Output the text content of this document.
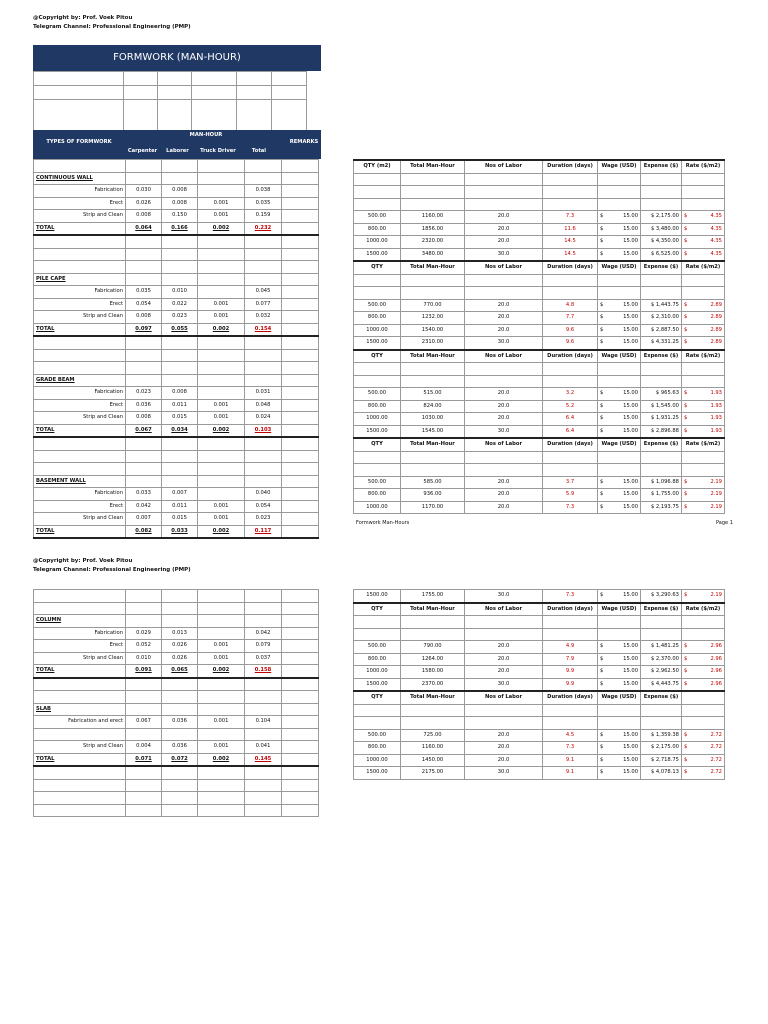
@Copyright by: Prof. Voek Pitou
Telegram Channel: Professional Engineering (PMP)
FORMWORK (MAN-HOUR)

TYPES OF FORMWORK
MAN-HOUR
REMARKS
Carpenter	Laborer	Truck Driver	Total

CONTINUOUS WALL					
Fabrication	0.030	0.008		0.038	
Erect	0.026	0.008	0.001	0.035	
Strip and Clean	0.008	0.150	0.001	0.159	
TOTAL	0.064	0.166	0.002	0.232	

PILE CAPE					
Fabrication	0.035	0.010		0.045	
Erect	0.054	0.022	0.001	0.077	
Strip and Clean	0.008	0.023	0.001	0.032	
TOTAL	0.097	0.055	0.002	0.154	

GRADE BEAM					
Fabrication	0.023	0.008		0.031	
Erect	0.036	0.011	0.001	0.048	
Strip and Clean	0.008	0.015	0.001	0.024	
TOTAL	0.067	0.034	0.002	0.103	

BASEMENT WALL					
Fabrication	0.033	0.007		0.040	
Erect	0.042	0.011	0.001	0.054	
Strip and Clean	0.007	0.015	0.001	0.023	
TOTAL	0.082	0.033	0.002	0.117	
QTY (m2)	Total Man-Hour	Nos of Labor	Duration (days)	Wage (USD)	Expense ($)	Rate ($/m2)

500.00	1160.00	20.0	7.3	$ 15.00	$ 2,175.00	$ 4.35

800.00	1856.00	20.0	11.6	$ 15.00	$ 3,480.00	$ 4.35

1000.00	2320.00	20.0	14.5	$ 15.00	$ 4,350.00	$ 4.35

1500.00	3480.00	30.0	14.5	$ 15.00	$ 6,525.00	$ 4.35

QTY	Total Man-Hour	Nos of Labor	Duration (days)	Wage (USD)	Expense ($)	Rate ($/m2)

500.00	770.00	20.0	4.8	$ 15.00	$ 1,443.75	$ 2.89

800.00	1232.00	20.0	7.7	$ 15.00	$ 2,310.00	$ 2.89

1000.00	1540.00	20.0	9.6	$ 15.00	$ 2,887.50	$ 2.89

1500.00	2310.00	30.0	9.6	$ 15.00	$ 4,331.25	$ 2.89

QTY	Total Man-Hour	Nos of Labor	Duration (days)	Wage (USD)	Expense ($)	Rate ($/m2)

500.00	515.00	20.0	3.2	$ 15.00	$ 965.63	$ 1.93

800.00	824.00	20.0	5.2	$ 15.00	$ 1,545.00	$ 1.93

1000.00	1030.00	20.0	6.4	$ 15.00	$ 1,931.25	$ 1.93

1500.00	1545.00	30.0	6.4	$ 15.00	$ 2,896.88	$ 1.93

QTY	Total Man-Hour	Nos of Labor	Duration (days)	Wage (USD)	Expense ($)	Rate ($/m2)

500.00	585.00	20.0	3.7	$ 15.00	$ 1,096.88	$ 2.19

800.00	936.00	20.0	5.9	$ 15.00	$ 1,755.00	$ 2.19

1000.00	1170.00	20.0	7.3	$ 15.00	$ 2,193.75	$ 2.19
Formwork Man-Hours	Page 1
@Copyright by: Prof. Voek Pitou
Telegram Channel: Professional Engineering (PMP)

COLUMN					
Fabrication	0.029	0.013		0.042	
Erect	0.052	0.026	0.001	0.079	
Strip and Clean	0.010	0.026	0.001	0.037	
TOTAL	0.091	0.065	0.002	0.158	

SLAB					
Fabrication and erect	0.067	0.036	0.001	0.104	

Strip and Clean	0.004	0.036	0.001	0.041	
TOTAL	0.071	0.072	0.002	0.145	

1500.00	1755.00	30.0	7.3	$ 15.00	$ 3,290.63	$ 2.19

QTY	Total Man-Hour	Nos of Labor	Duration (days)	Wage (USD)	Expense ($)	Rate ($/m2)

500.00	790.00	20.0	4.9	$ 15.00	$ 1,481.25	$ 2.96

800.00	1264.00	20.0	7.9	$ 15.00	$ 2,370.00	$ 2.96

1000.00	1580.00	20.0	9.9	$ 15.00	$ 2,962.50	$ 2.96

1500.00	2370.00	30.0	9.9	$ 15.00	$ 4,443.75	$ 2.96

QTY	Total Man-Hour	Nos of Labor	Duration (days)	Wage (USD)	Expense ($)	

500.00	725.00	20.0	4.5	$ 15.00	$ 1,359.38	$ 2.72

800.00	1160.00	20.0	7.3	$ 15.00	$ 2,175.00	$ 2.72

1000.00	1450.00	20.0	9.1	$ 15.00	$ 2,718.75	$ 2.72

1500.00	2175.00	30.0	9.1	$ 15.00	$ 4,078.13	$ 2.72
